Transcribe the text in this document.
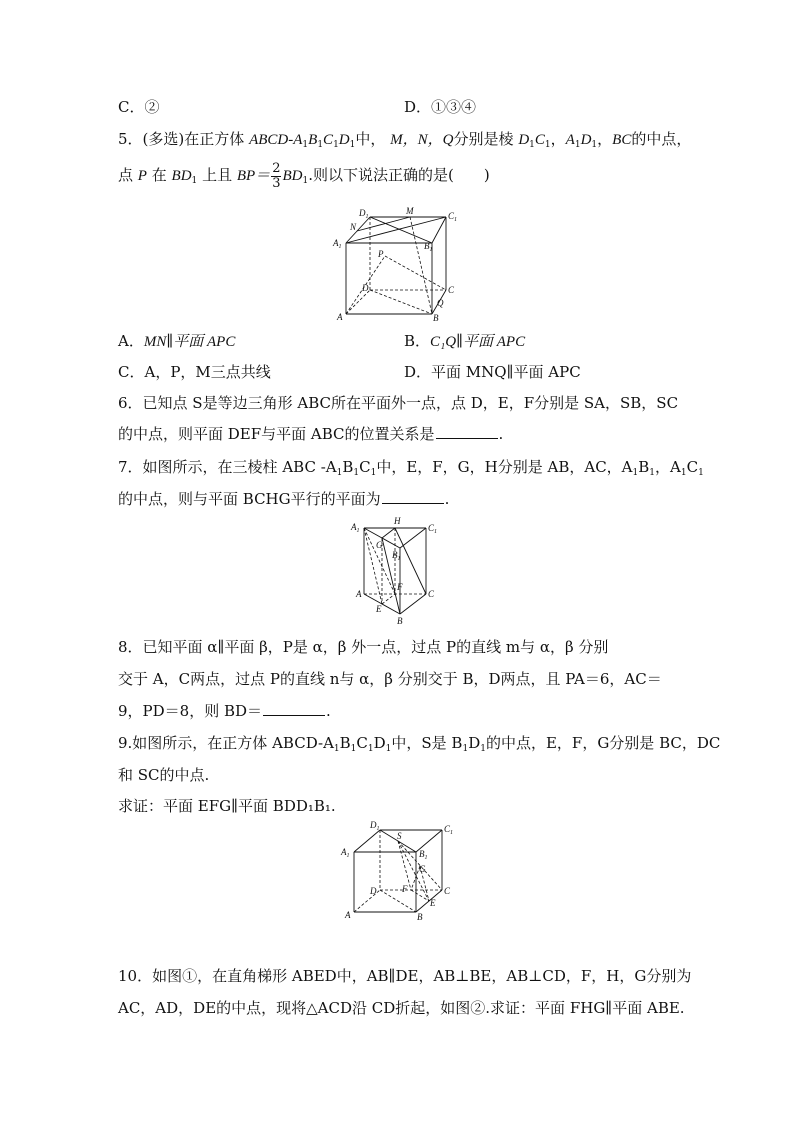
C．②	D．①③④
5．(多选)在正方体 ABCD-$A_1B_1C_1D_1$中， M，N，Q分别是棱 $D_1C_1$，$A_1D_1$，BC的中点，
点 P 在 $BD_1$ 上且 $BP= \frac{2}{3} BD_1$.则以下说法正确的是(　　)
$D_1$
M	$C_1$
N
$A_1$	$B_1$
P
D	C
Q
A	B
A．MN∥平面 APC	B．C₁Q∥平面 APC
C．A，P，M三点共线	D．平面 MNQ∥平面 APC
6．已知点 S是等边三角形 ABC所在平面外一点，点 D，E，F分别是 SA，SB，SC
的中点，则平面 DEF与平面 ABC的位置关系是	.
7．如图所示，在三棱柱 ABC $-A_1B_1C_1$中，E，F，G，H分别是 AB，AC，$A_1B_1$，$A_1C_1$
的中点，则与平面 BCHG平行的平面为	.
$A_1$
H
$C_1$
G
$B_1$
F
A
E
C
B
8．已知平面 α∥平面 β，P是 α，β 外一点，过点 P的直线 m与 α，β 分别
交于 A，C两点，过点 P的直线 n与 α，β 分别交于 B，D两点，且 PA＝6，AC＝
9，PD＝8，则 BD＝	.
9.如图所示，在正方体 ABCD-$A_1B_1C_1D_1$中，S是 $B_1D_1$的中点，E，F，G分别是 BC，DC
和 SC的中点.
求证：平面 EFG∥平面 BDD₁B₁.
$D_1$	$C_1$
S
$A_1$	$B_1$
G
D	F	C
E
A	B
10．如图①，在直角梯形 ABED中，AB∥DE，AB⊥BE，AB⊥CD，F，H，G分别为
AC，AD，DE的中点，现将△ACD沿 CD折起，如图②.求证：平面 FHG∥平面 ABE.
